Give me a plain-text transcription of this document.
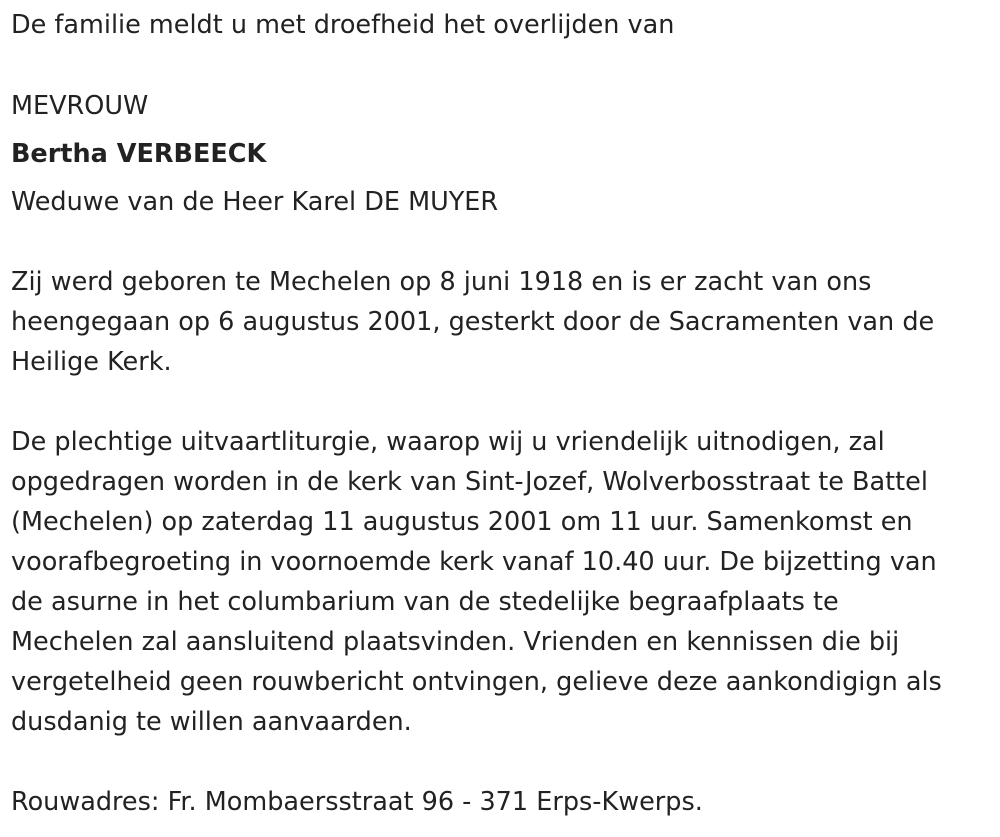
De familie meldt u met droefheid het overlijden van
MEVROUW
Bertha VERBEECK
Weduwe van de Heer Karel DE MUYER
Zij werd geboren te Mechelen op 8 juni 1918 en is er zacht van ons
heengegaan op 6 augustus 2001, gesterkt door de Sacramenten van de
Heilige Kerk.
De plechtige uitvaartliturgie, waarop wij u vriendelijk uitnodigen, zal
opgedragen worden in de kerk van Sint-Jozef, Wolverbosstraat te Battel
(Mechelen) op zaterdag 11 augustus 2001 om 11 uur. Samenkomst en
voorafbegroeting in voornoemde kerk vanaf 10.40 uur. De bijzetting van
de asurne in het columbarium van de stedelijke begraafplaats te
Mechelen zal aansluitend plaatsvinden. Vrienden en kennissen die bij
vergetelheid geen rouwbericht ontvingen, gelieve deze aankondigign als
dusdanig te willen aanvaarden.
Rouwadres: Fr. Mombaersstraat 96 - 371 Erps-Kwerps.
